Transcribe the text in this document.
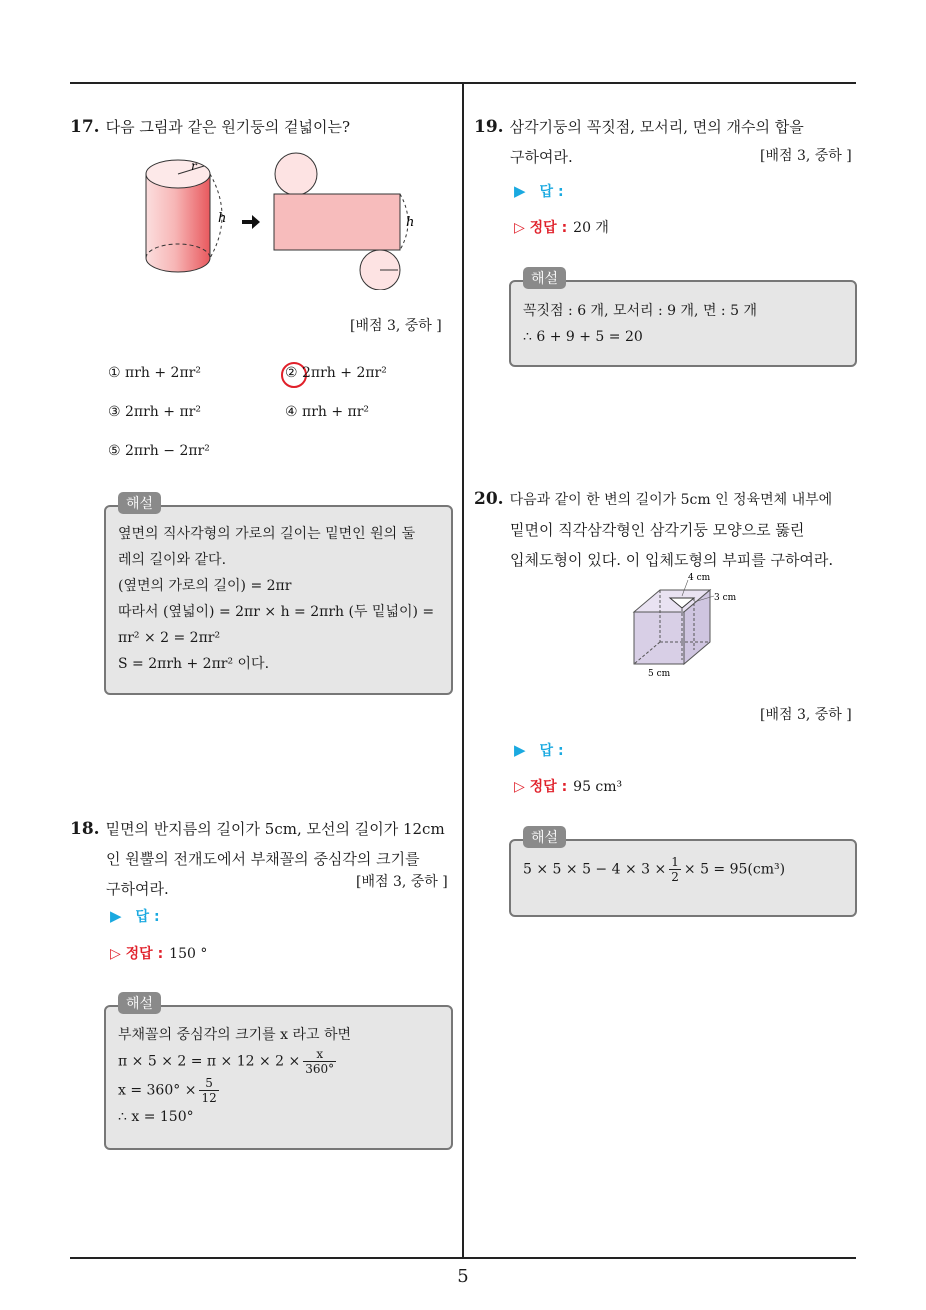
5
17. 다음 그림과 같은 원기둥의 겉넓이는?
r
h	h
[배점 3, 중하 ]
① πrh + 2πr²	② 2πrh + 2πr²
③ 2πrh + πr²	④ πrh + πr²
⑤ 2πrh − 2πr²
옆면의 직사각형의 가로의 길이는 밑면인 원의 둘
레의 길이와 같다.
(옆면의 가로의 길이) = 2πr
따라서 (옆넓이) = 2πr × h = 2πrh (두 밑넓이) =
πr² × 2 = 2πr²
S = 2πrh + 2πr² 이다.
해설
18. 밑면의 반지름의 길이가 5cm, 모선의 길이가 12cm
인 원뿔의 전개도에서 부채꼴의 중심각의 크기를
구하여라.	[배점 3, 중하 ]
▶ 답 :
▷ 정답 : 150 °
부채꼴의 중심각의 크기를 x 라고 하면
$\pi \times 5 \times 2 = \pi \times 12 \times 2 \times \frac{x}{360^\circ}$
$x = 360^\circ \times \frac{5}{12}$
∴ x = 150°
해설
19. 삼각기둥의 꼭짓점, 모서리, 면의 개수의 합을
구하여라.	[배점 3, 중하 ]
▶ 답 :
▷ 정답 : 20 개
꼭짓점 : 6 개, 모서리 : 9 개, 면 : 5 개
∴ 6 + 9 + 5 = 20
해설
20. 다음과 같이 한 변의 길이가 5cm 인 정육면체 내부에
밑면이 직각삼각형인 삼각기둥 모양으로 뚫린
입체도형이 있다. 이 입체도형의 부피를 구하여라.
4 cm
3 cm
5 cm
[배점 3, 중하 ]
▶ 답 :
▷ 정답 : 95 cm³
$5 \times 5 \times 5 - 4 \times 3 \times \frac{1}{2} \times 5 = 95(cm^3)$
해설
